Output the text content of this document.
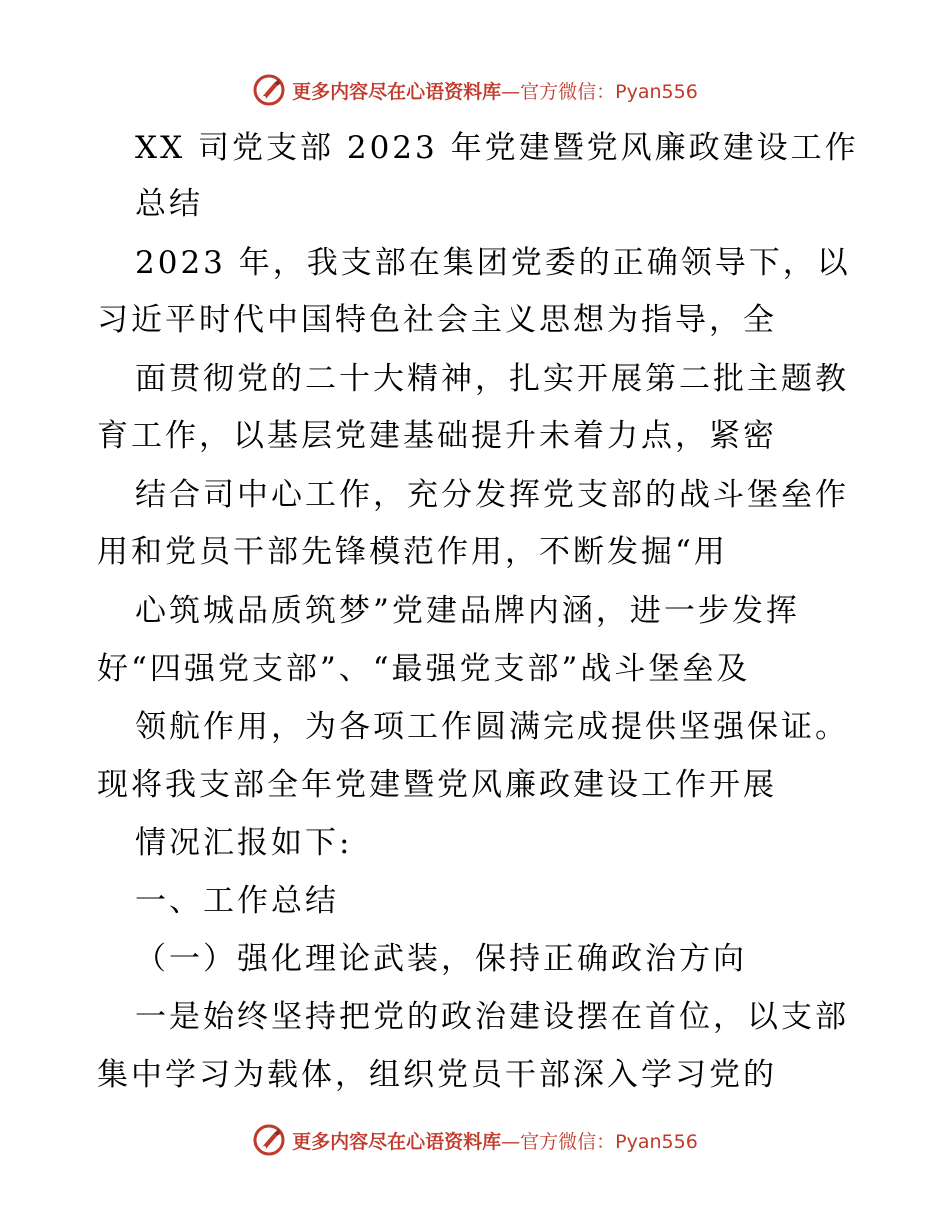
更多内容尽在心语资料库—官方微信：Pyan556
XX 司党支部 2023 年党建暨党风廉政建设工作
总结
2023 年，我支部在集团党委的正确领导下，以
习近平时代中国特色社会主义思想为指导，全
面贯彻党的二十大精神，扎实开展第二批主题教
育工作，以基层党建基础提升未着力点，紧密
结合司中心工作，充分发挥党支部的战斗堡垒作
用和党员干部先锋模范作用，不断发掘“用
心筑城品质筑梦”党建品牌内涵，进一步发挥
好“四强党支部”、“最强党支部”战斗堡垒及
领航作用，为各项工作圆满完成提供坚强保证。
现将我支部全年党建暨党风廉政建设工作开展
情况汇报如下:
一、工作总结
（一）强化理论武装，保持正确政治方向
一是始终坚持把党的政治建设摆在首位，以支部
集中学习为载体，组织党员干部深入学习党的
更多内容尽在心语资料库—官方微信：Pyan556
